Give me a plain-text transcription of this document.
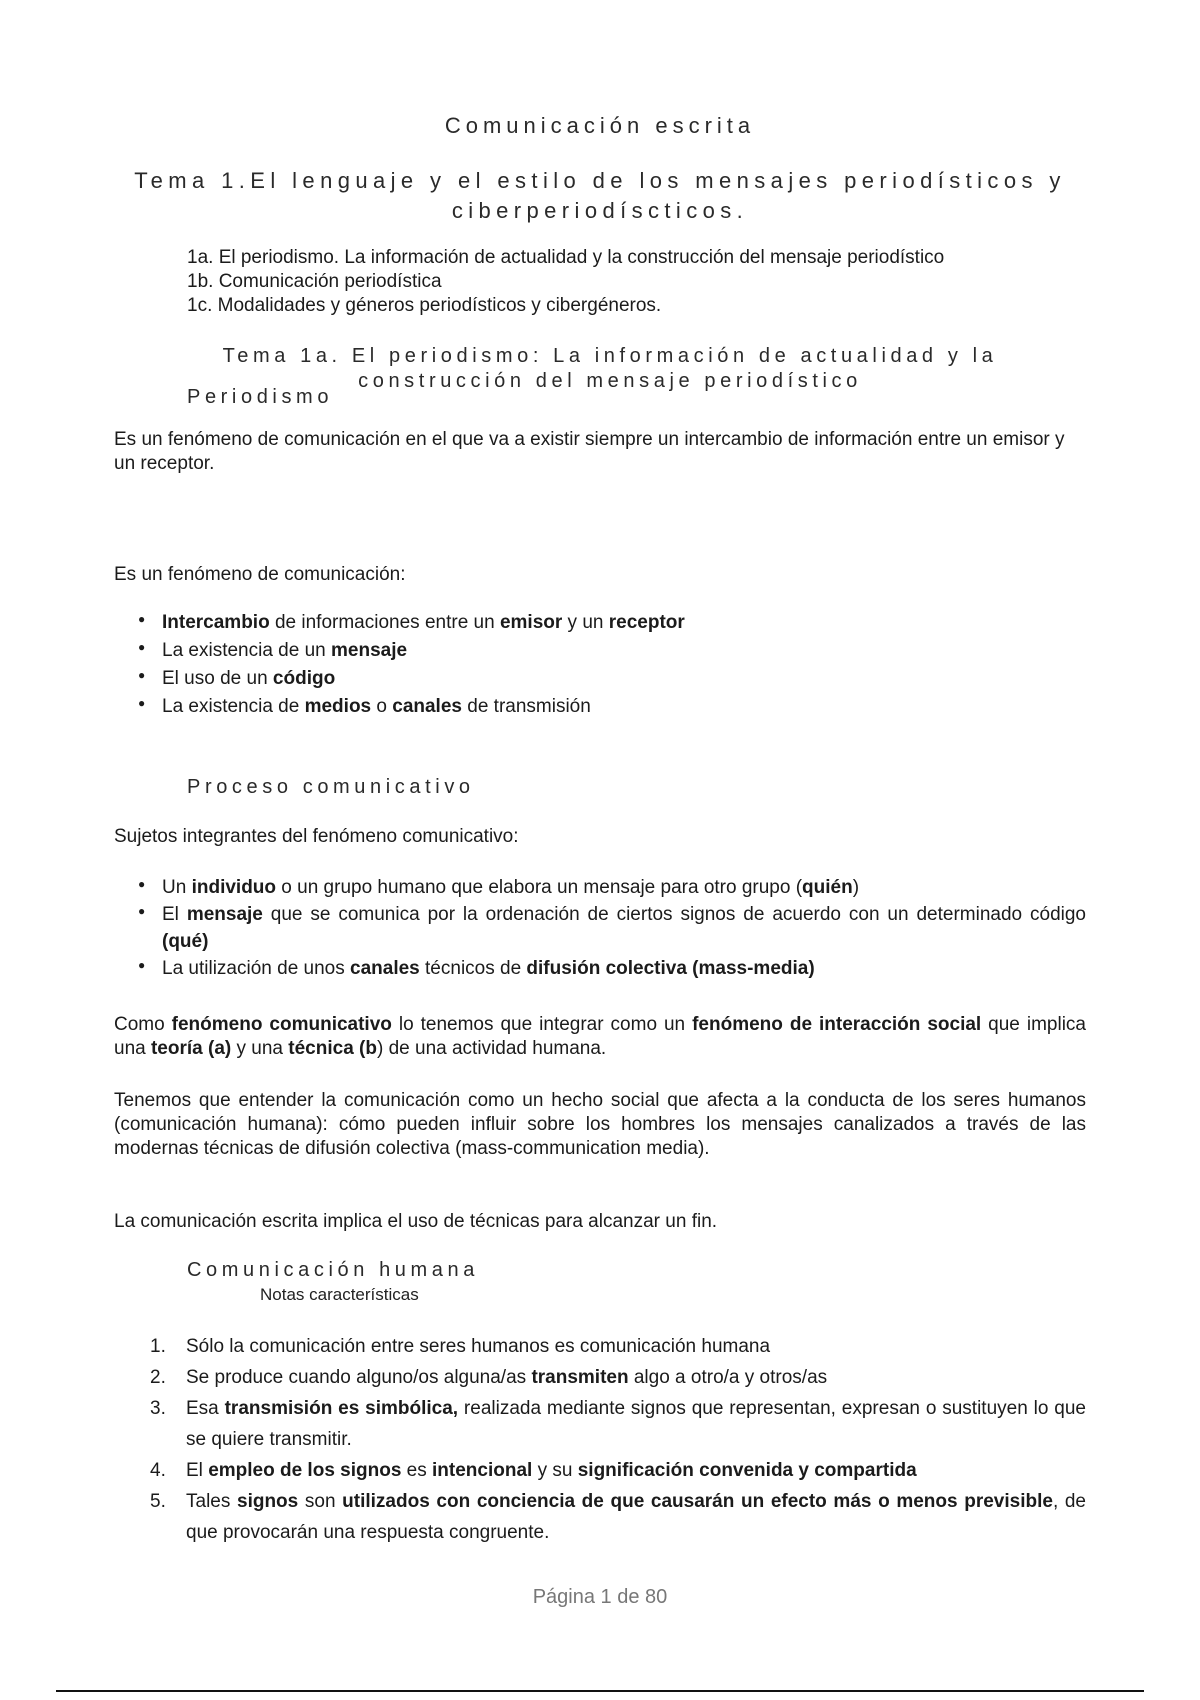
Comunicación escrita
Tema 1.El lenguaje y el estilo de los mensajes periodísticos y ciberperiodíscticos.
1a. El periodismo. La información de actualidad y la construcción del mensaje periodístico
1b. Comunicación periodística
1c. Modalidades y géneros periodísticos y cibergéneros.
Tema 1a. El periodismo: La información de actualidad y la construcción del mensaje periodístico
Periodismo

Es un fenómeno de comunicación en el que va a existir siempre un intercambio de información entre un emisor y un receptor.

Es un fenómeno de comunicación:

● Intercambio de informaciones entre un emisor y un receptor
● La existencia de un mensaje
● El uso de un código
● La existencia de medios o canales de transmisión
Proceso comunicativo

Sujetos integrantes del fenómeno comunicativo:

● Un individuo o un grupo humano que elabora un mensaje para otro grupo (quién)
● El mensaje que se comunica por la ordenación de ciertos signos de acuerdo con un determinado código (qué)
● La utilización de unos canales técnicos de difusión colectiva (mass-media)

Como fenómeno comunicativo lo tenemos que integrar como un fenómeno de interacción social que implica una teoría (a) y una técnica (b) de una actividad humana.

Tenemos que entender la comunicación como un hecho social que afecta a la conducta de los seres humanos (comunicación humana): cómo pueden influir sobre los hombres los mensajes canalizados a través de las modernas técnicas de difusión colectiva (mass-communication media).

La comunicación escrita implica el uso de técnicas para alcanzar un fin.

Comunicación humana
Notas características
1. Sólo la comunicación entre seres humanos es comunicación humana
2. Se produce cuando alguno/os alguna/as transmiten algo a otro/a y otros/as
3. Esa transmisión es simbólica, realizada mediante signos que representan, expresan o sustituyen lo que se quiere transmitir.
4. El empleo de los signos es intencional y su significación convenida y compartida
5. Tales signos son utilizados con conciencia de que causarán un efecto más o menos previsible, de que provocarán una respuesta congruente.
Página 1 de 80
